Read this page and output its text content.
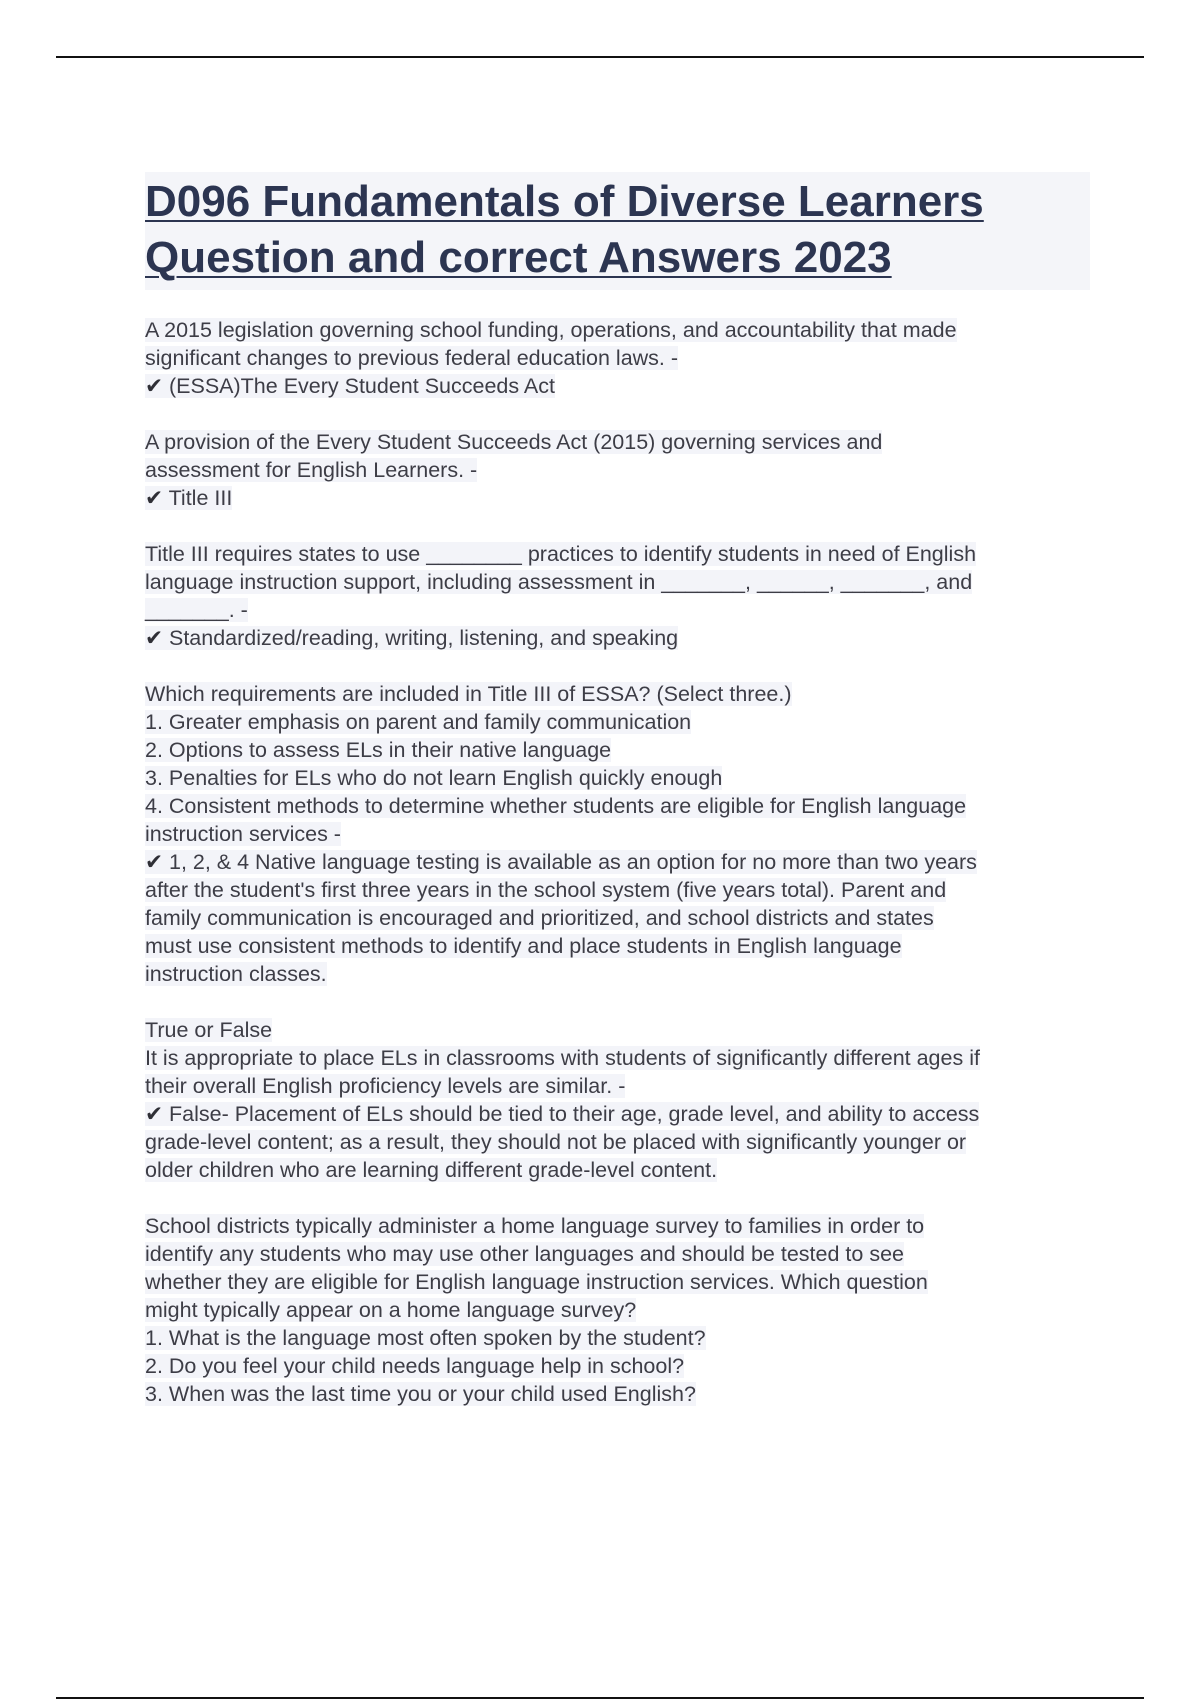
D096 Fundamentals of Diverse Learners
Question and correct Answers 2023
A 2015 legislation governing school funding, operations, and accountability that made
significant changes to previous federal education laws. -
✔ (ESSA)The Every Student Succeeds Act
A provision of the Every Student Succeeds Act (2015) governing services and
assessment for English Learners. -
✔ Title III
Title III requires states to use ________ practices to identify students in need of English
language instruction support, including assessment in _______, ______, _______, and
_______. -
✔ Standardized/reading, writing, listening, and speaking
Which requirements are included in Title III of ESSA? (Select three.)
1. Greater emphasis on parent and family communication
2. Options to assess ELs in their native language
3. Penalties for ELs who do not learn English quickly enough
4. Consistent methods to determine whether students are eligible for English language
instruction services -
✔ 1, 2, & 4 Native language testing is available as an option for no more than two years
after the student's first three years in the school system (five years total). Parent and
family communication is encouraged and prioritized, and school districts and states
must use consistent methods to identify and place students in English language
instruction classes.
True or False
It is appropriate to place ELs in classrooms with students of significantly different ages if
their overall English proficiency levels are similar. -
✔ False- Placement of ELs should be tied to their age, grade level, and ability to access
grade-level content; as a result, they should not be placed with significantly younger or
older children who are learning different grade-level content.
School districts typically administer a home language survey to families in order to
identify any students who may use other languages and should be tested to see
whether they are eligible for English language instruction services. Which question
might typically appear on a home language survey?
1. What is the language most often spoken by the student?
2. Do you feel your child needs language help in school?
3. When was the last time you or your child used English?
